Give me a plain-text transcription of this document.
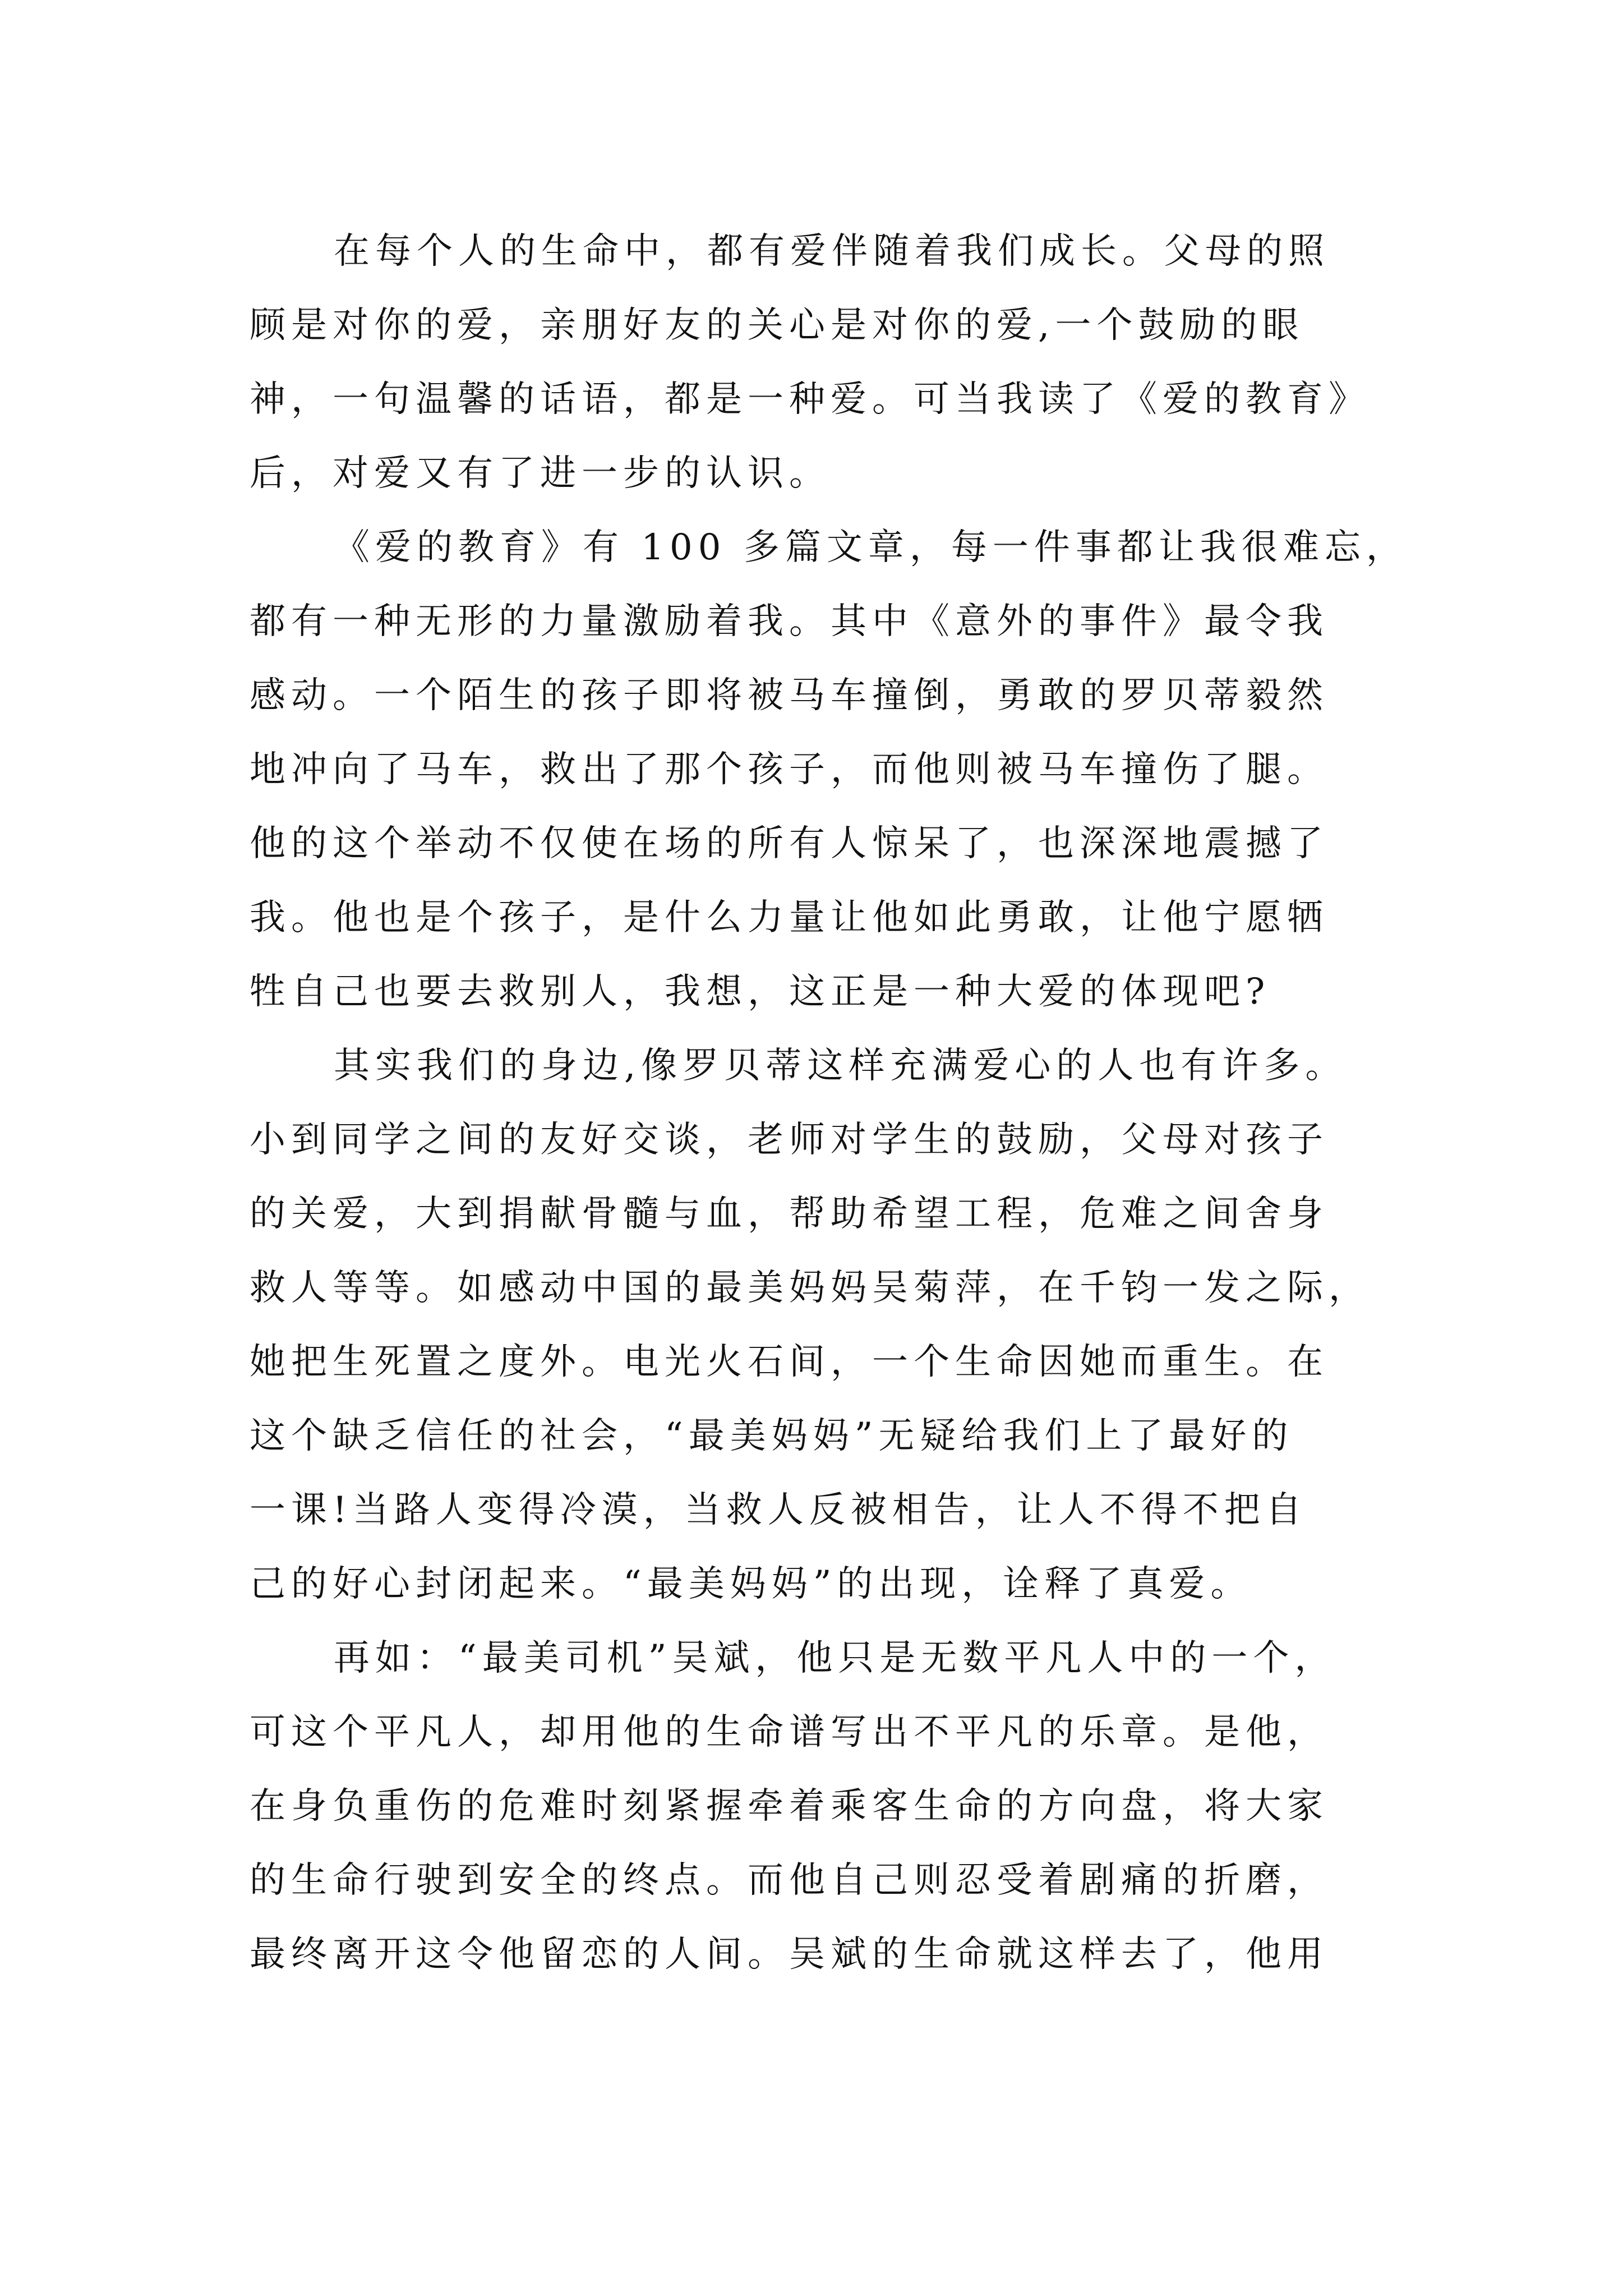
在每个人的生命中，都有爱伴随着我们成长。父母的照
顾是对你的爱，亲朋好友的关心是对你的爱,一个鼓励的眼
神，一句温馨的话语，都是一种爱。可当我读了《爱的教育》
后，对爱又有了进一步的认识。
《爱的教育》有 100 多篇文章，每一件事都让我很难忘，
都有一种无形的力量激励着我。其中《意外的事件》最令我
感动。一个陌生的孩子即将被马车撞倒，勇敢的罗贝蒂毅然
地冲向了马车，救出了那个孩子，而他则被马车撞伤了腿。
他的这个举动不仅使在场的所有人惊呆了，也深深地震撼了
我。他也是个孩子，是什么力量让他如此勇敢，让他宁愿牺
牲自己也要去救别人，我想，这正是一种大爱的体现吧?
其实我们的身边,像罗贝蒂这样充满爱心的人也有许多。
小到同学之间的友好交谈，老师对学生的鼓励，父母对孩子
的关爱，大到捐献骨髓与血，帮助希望工程，危难之间舍身
救人等等。如感动中国的最美妈妈吴菊萍，在千钧一发之际，
她把生死置之度外。电光火石间，一个生命因她而重生。在
这个缺乏信任的社会，“最美妈妈”无疑给我们上了最好的
一课!当路人变得冷漠，当救人反被相告，让人不得不把自
己的好心封闭起来。“最美妈妈”的出现，诠释了真爱。
再如：“最美司机”吴斌，他只是无数平凡人中的一个，
可这个平凡人，却用他的生命谱写出不平凡的乐章。是他，
在身负重伤的危难时刻紧握牵着乘客生命的方向盘，将大家
的生命行驶到安全的终点。而他自己则忍受着剧痛的折磨，
最终离开这令他留恋的人间。吴斌的生命就这样去了，他用
